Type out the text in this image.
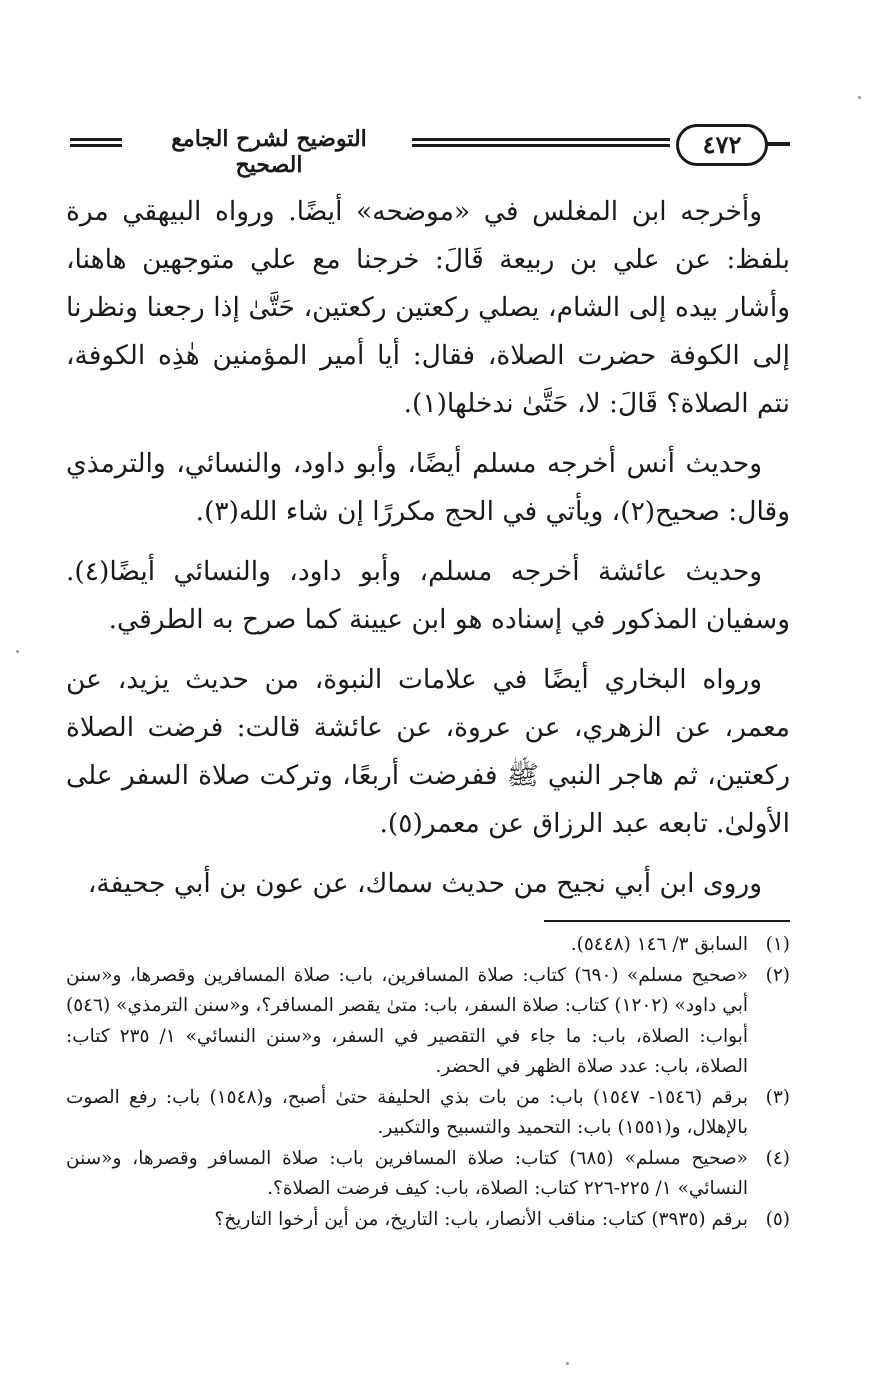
التوضيح لشرح الجامع الصحيح
٤٧٢

وأخرجه ابن المغلس في «موضحه» أيضًا. ورواه البيهقي مرة بلفظ: عن علي بن ربيعة قَالَ: خرجنا مع علي متوجهين هاهنا، وأشار بيده إلى الشام، يصلي ركعتين ركعتين، حَتَّىٰ إذا رجعنا ونظرنا إلى الكوفة حضرت الصلاة، فقال: أيا أمير المؤمنين هٰذِه الكوفة، نتم الصلاة؟ قَالَ: لا، حَتَّىٰ ندخلها(١).

وحديث أنس أخرجه مسلم أيضًا، وأبو داود، والنسائي، والترمذي وقال: صحيح(٢)، ويأتي في الحج مكررًا إن شاء الله(٣).

وحديث عائشة أخرجه مسلم، وأبو داود، والنسائي أيضًا(٤). وسفيان المذكور في إسناده هو ابن عيينة كما صرح به الطرقي.

ورواه البخاري أيضًا في علامات النبوة، من حديث يزيد، عن معمر، عن الزهري، عن عروة، عن عائشة قالت: فرضت الصلاة ركعتين، ثم هاجر النبي ﷺ ففرضت أربعًا، وتركت صلاة السفر على الأولىٰ. تابعه عبد الرزاق عن معمر(٥).

وروى ابن أبي نجيح من حديث سماك، عن عون بن أبي جحيفة،

(١)
السابق ٣/ ١٤٦ (٥٤٤٨).
(٢)
«صحيح مسلم» (٦٩٠) كتاب: صلاة المسافرين، باب: صلاة المسافرين وقصرها، و«سنن أبي داود» (١٢٠٢) كتاب: صلاة السفر، باب: متىٰ يقصر المسافر؟، و«سنن الترمذي» (٥٤٦) أبواب: الصلاة، باب: ما جاء في التقصير في السفر، و«سنن النسائي» ١/ ٢٣٥ كتاب: الصلاة، باب: عدد صلاة الظهر في الحضر.
(٣)
برقم (١٥٤٦- ١٥٤٧) باب: من بات بذي الحليفة حتىٰ أصبح، و(١٥٤٨) باب: رفع الصوت بالإهلال، و(١٥٥١) باب: التحميد والتسبيح والتكبير.
(٤)
«صحيح مسلم» (٦٨٥) كتاب: صلاة المسافرين باب: صلاة المسافر وقصرها، و«سنن النسائي» ١/ ٢٢٥-٢٢٦ كتاب: الصلاة، باب: كيف فرضت الصلاة؟.
(٥)
برقم (٣٩٣٥) كتاب: مناقب الأنصار، باب: التاريخ، من أين أرخوا التاريخ؟
